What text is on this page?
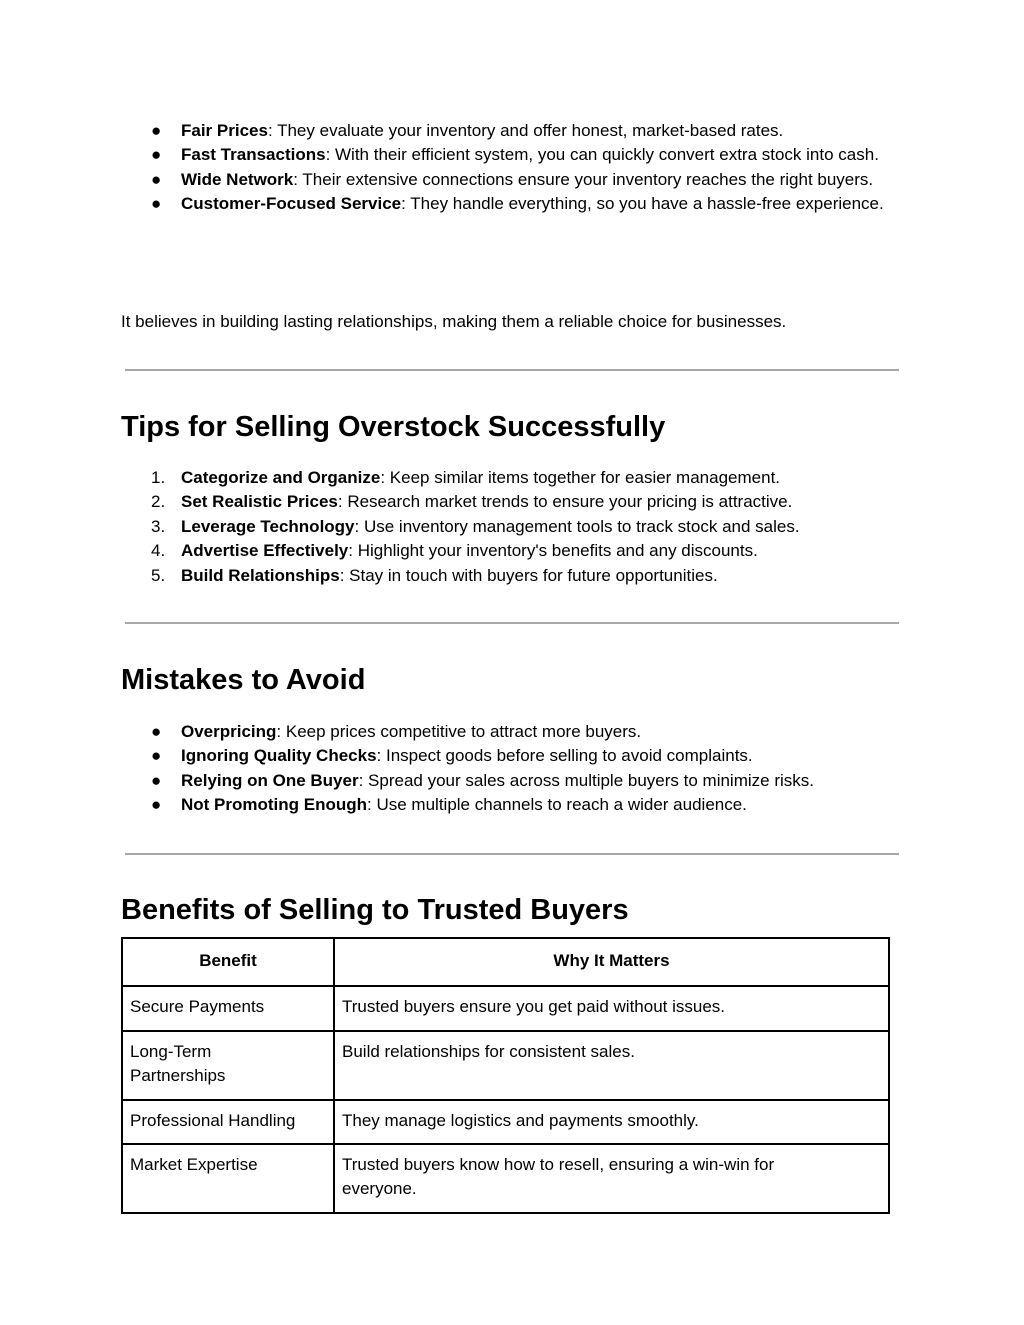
● Fair Prices: They evaluate your inventory and offer honest, market-based rates.
● Fast Transactions: With their efficient system, you can quickly convert extra stock into cash.
● Wide Network: Their extensive connections ensure your inventory reaches the right buyers.
● Customer-Focused Service: They handle everything, so you have a hassle-free experience.
It believes in building lasting relationships, making them a reliable choice for businesses.
Tips for Selling Overstock Successfully
1. Categorize and Organize: Keep similar items together for easier management.
2. Set Realistic Prices: Research market trends to ensure your pricing is attractive.
3. Leverage Technology: Use inventory management tools to track stock and sales.
4. Advertise Effectively: Highlight your inventory's benefits and any discounts.
5. Build Relationships: Stay in touch with buyers for future opportunities.
Mistakes to Avoid
● Overpricing: Keep prices competitive to attract more buyers.
● Ignoring Quality Checks: Inspect goods before selling to avoid complaints.
● Relying on One Buyer: Spread your sales across multiple buyers to minimize risks.
● Not Promoting Enough: Use multiple channels to reach a wider audience.
Benefits of Selling to Trusted Buyers
Benefit	Why It Matters
Secure Payments	Trusted buyers ensure you get paid without issues.
Long-Term Partnerships	Build relationships for consistent sales.
Professional Handling	They manage logistics and payments smoothly.
Market Expertise	Trusted buyers know how to resell, ensuring a win-win for everyone.
